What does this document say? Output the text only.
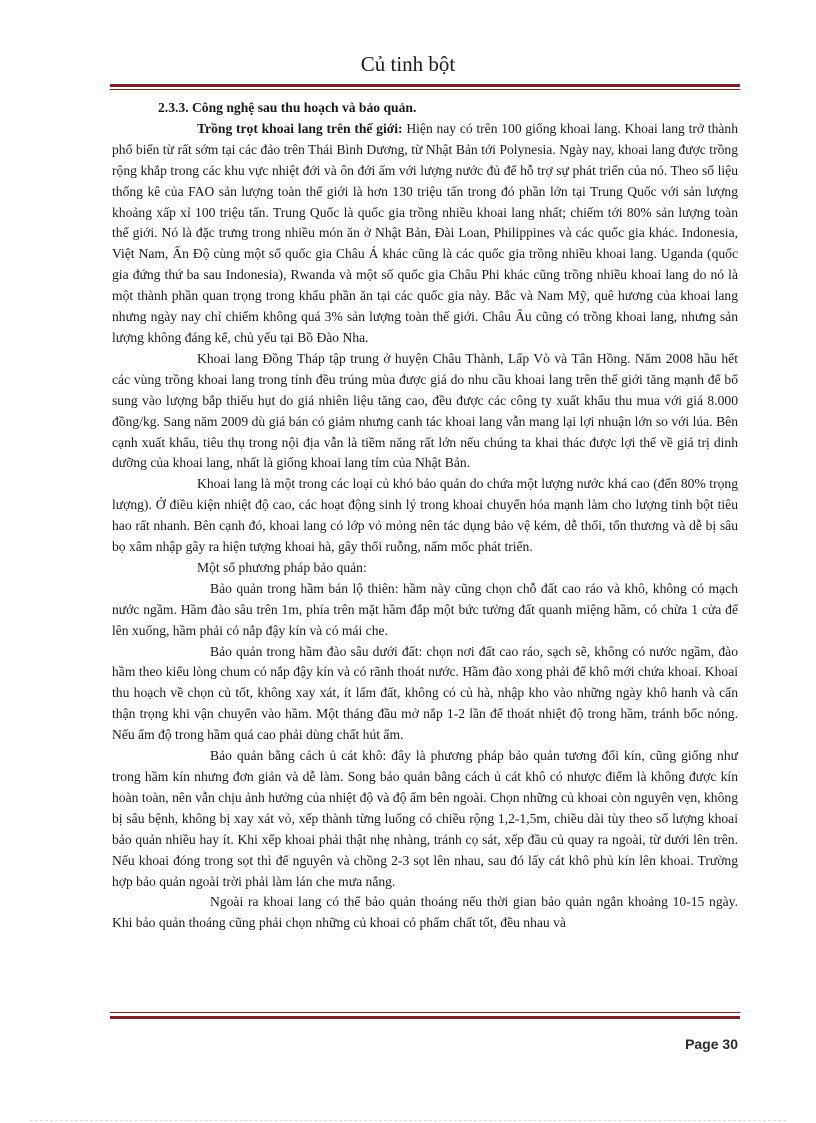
Củ tinh bột

2.3.3. Công nghệ sau thu hoạch và bảo quản.

Trồng trọt khoai lang trên thế giới: Hiện nay có trên 100 giống khoai lang. Khoai lang trở thành phổ biến từ rất sớm tại các đảo trên Thái Bình Dương, từ Nhật Bản tới Polynesia. Ngày nay, khoai lang được trồng rộng khắp trong các khu vực nhiệt đới và ôn đới ấm với lượng nước đủ để hỗ trợ sự phát triển của nó. Theo số liệu thống kê của FAO sản lượng toàn thế giới là hơn 130 triệu tấn trong đó phần lớn tại Trung Quốc với sản lượng khoảng xấp xỉ 100 triệu tấn. Trung Quốc là quốc gia trồng nhiều khoai lang nhất; chiếm tới 80% sản lượng toàn thế giới. Nó là đặc trưng trong nhiều món ăn ở Nhật Bản, Đài Loan, Philippines và các quốc gia khác. Indonesia, Việt Nam, Ấn Độ cùng một số quốc gia Châu Á khác cũng là các quốc gia trồng nhiều khoai lang. Uganda (quốc gia đứng thứ ba sau Indonesia), Rwanda và một số quốc gia Châu Phi khác cũng trồng nhiều khoai lang do nó là một thành phần quan trọng trong khẩu phần ăn tại các quốc gia này. Bắc và Nam Mỹ, quê hương của khoai lang nhưng ngày nay chỉ chiếm không quá 3% sản lượng toàn thế giới. Châu Âu cũng có trồng khoai lang, nhưng sản lượng không đáng kể, chủ yếu tại Bồ Đào Nha.

Khoai lang Đồng Tháp tập trung ở huyện Châu Thành, Lấp Vò và Tân Hồng. Năm 2008 hầu hết các vùng trồng khoai lang trong tỉnh đều trúng mùa được giá do nhu cầu khoai lang trên thế giới tăng mạnh để bổ sung vào lượng bắp thiếu hụt do giá nhiên liệu tăng cao, đều được các công ty xuất khẩu thu mua với giá 8.000 đồng/kg. Sang năm 2009 dù giá bán có giảm nhưng canh tác khoai lang vẫn mang lại lợi nhuận lớn so với lúa. Bên cạnh xuất khẩu, tiêu thụ trong nội địa vẫn là tiềm năng rất lớn nếu chúng ta khai thác được lợi thế về giá trị dinh dưỡng của khoai lang, nhất là giống khoai lang tím của Nhật Bản.

Khoai lang là một trong các loại củ khó bảo quản do chứa một lượng nước khá cao (đến 80% trọng lượng). Ở điều kiện nhiệt độ cao, các hoạt động sinh lý trong khoai chuyển hóa mạnh làm cho lượng tinh bột tiêu hao rất nhanh. Bên cạnh đó, khoai lang có lớp vỏ mỏng nên tác dụng bảo vệ kém, dễ thối, tổn thương và dễ bị sâu bọ xâm nhập gây ra hiện tượng khoai hà, gây thối ruỗng, nấm mốc phát triển.

Một số phương pháp bảo quản:

Bảo quản trong hầm bán lộ thiên: hầm này cũng chọn chỗ đất cao ráo và khô, không có mạch nước ngầm. Hầm đào sâu trên 1m, phía trên mặt hầm đắp một bức tường đất quanh miệng hầm, có chừa 1 cửa để lên xuống, hầm phải có nắp đậy kín và có mái che.

Bảo quản trong hầm đào sâu dưới đất: chọn nơi đất cao ráo, sạch sẽ, không có nước ngầm, đào hầm theo kiểu lòng chum có nắp đậy kín và có rãnh thoát nước. Hầm đào xong phải để khô mới chứa khoai. Khoai thu hoạch về chọn củ tốt, không xay xát, ít lấm đất, không có củ hà, nhập kho vào những ngày khô hanh và cẩn thận trọng khi vận chuyển vào hầm. Một tháng đầu mở nắp 1-2 lần để thoát nhiệt độ trong hầm, tránh bốc nóng. Nếu ẩm độ trong hầm quá cao phải dùng chất hút ẩm.

Bảo quản bằng cách ủ cát khô: đây là phương pháp bảo quản tương đối kín, cũng giống như trong hầm kín nhưng đơn giản và dễ làm. Song bảo quản bằng cách ủ cát khô có nhược điểm là không được kín hoàn toàn, nên vẫn chịu ảnh hưởng của nhiệt độ và độ ẩm bên ngoài. Chọn những củ khoai còn nguyên vẹn, không bị sâu bệnh, không bị xay xát vỏ, xếp thành từng luống có chiều rộng 1,2-1,5m, chiều dài tùy theo số lượng khoai bảo quản nhiều hay ít. Khi xếp khoai phải thật nhẹ nhàng, tránh cọ sát, xếp đầu củ quay ra ngoài, từ dưới lên trên. Nếu khoai đóng trong sọt thì để nguyên và chồng 2-3 sọt lên nhau, sau đó lấy cát khô phủ kín lên khoai. Trường hợp bảo quản ngoài trời phải làm lán che mưa nắng.

Ngoài ra khoai lang có thể bảo quản thoáng nếu thời gian bảo quản ngắn khoảng 10-15 ngày. Khi bảo quản thoáng cũng phải chọn những củ khoai có phẩm chất tốt, đều nhau và

Page 30
